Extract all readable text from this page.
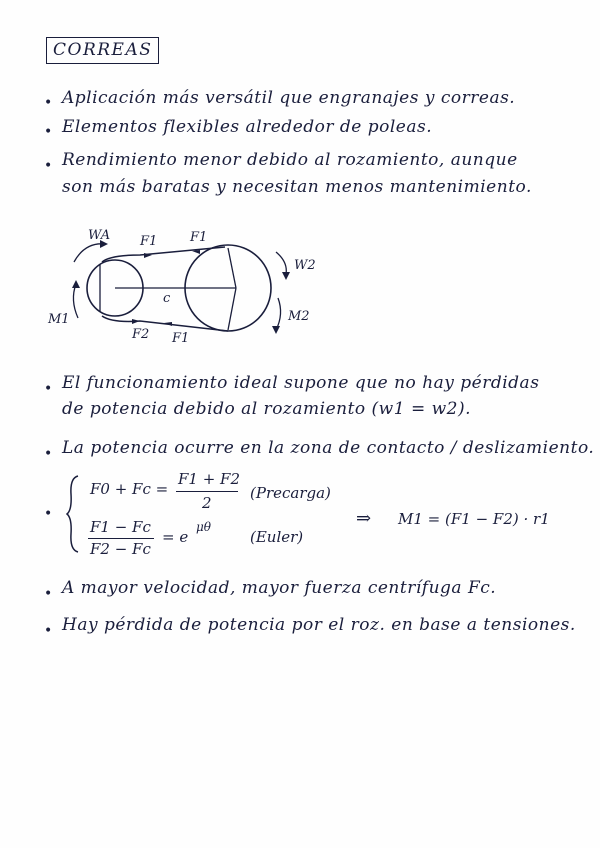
CORREAS
• Aplicación más versátil que engranajes y correas.
• Elementos flexibles alrededor de poleas.
• Rendimiento menor debido al rozamiento, aunque
son más baratas y necesitan menos mantenimiento.
WA F1	F1
W2
c
M1	M2
F2 F1
• El funcionamiento ideal supone que no hay pérdidas
de potencia debido al rozamiento (w1 = w2).
• La potencia ocurre en la zona de contacto / deslizamiento.
•
F0 + Fc =
F1 + F2
2
(Precarga)
F1 − Fc
F2 − Fc
= e
μθ
(Euler)
⇒ M1 = (F1 − F2) · r1
• A mayor velocidad, mayor fuerza centrífuga Fc.
• Hay pérdida de potencia por el roz. en base a tensiones.
